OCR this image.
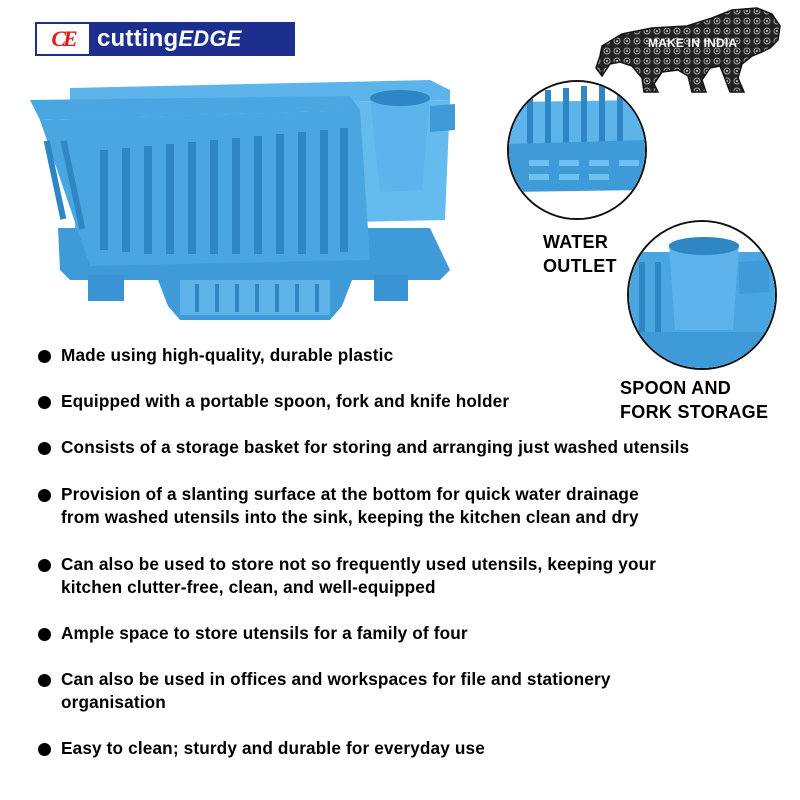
CE cuttingEDGE	MAKE IN INDIA
WATER
OUTLET
SPOON AND
FORK STORAGE
Made using high-quality, durable plastic
Equipped with a portable spoon, fork and knife holder
Consists of a storage basket for storing and arranging just washed utensils
Provision of a slanting surface at the bottom for quick water drainage
from washed utensils into the sink, keeping the kitchen clean and dry
Can also be used to store not so frequently used utensils, keeping your
kitchen clutter-free, clean, and well-equipped
Ample space to store utensils for a family of four
Can also be used in offices and workspaces for file and stationery
organisation
Easy to clean; sturdy and durable for everyday use
